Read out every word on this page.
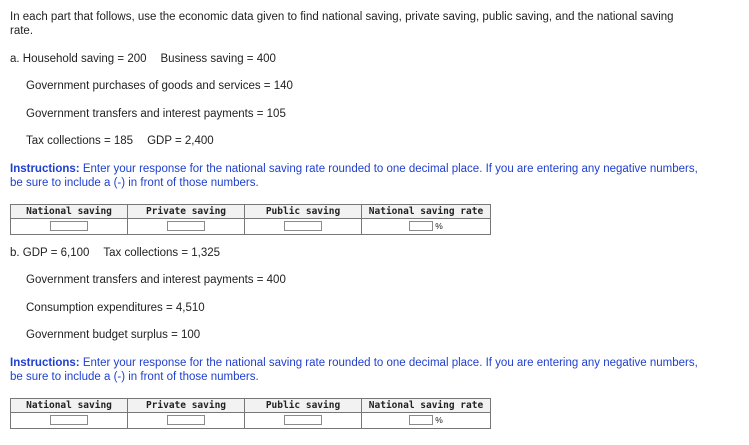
In each part that follows, use the economic data given to find national saving, private saving, public saving, and the national saving
rate.
a. Household saving = 200 Business saving = 400
Government purchases of goods and services = 140
Government transfers and interest payments = 105
Tax collections = 185 GDP = 2,400
Instructions: Enter your response for the national saving rate rounded to one decimal place. If you are entering any negative numbers,
be sure to include a (-) in front of those numbers.
National saving	Private saving	Public saving	National saving rate
			%
b. GDP = 6,100 Tax collections = 1,325
Government transfers and interest payments = 400
Consumption expenditures = 4,510
Government budget surplus = 100
Instructions: Enter your response for the national saving rate rounded to one decimal place. If you are entering any negative numbers,
be sure to include a (-) in front of those numbers.
National saving	Private saving	Public saving	National saving rate
			%
